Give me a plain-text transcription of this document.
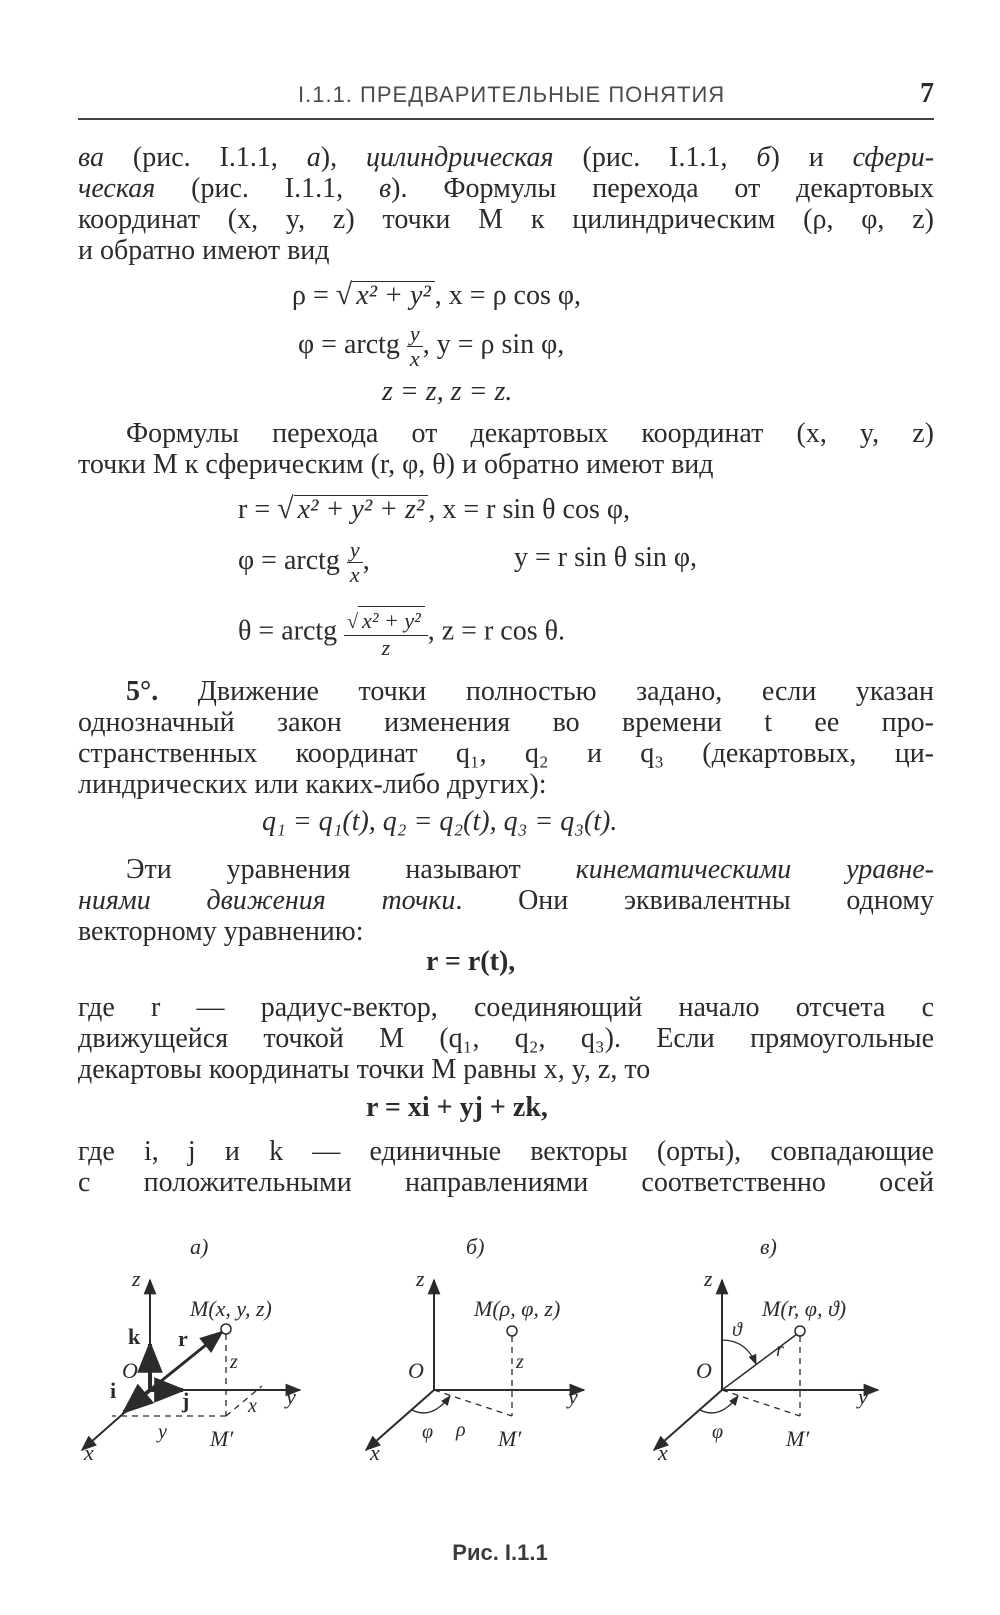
I.1.1. ПРЕДВАРИТЕЛЬНЫЕ ПОНЯТИЯ	7
ва (рис. I.1.1, а), цилиндрическая (рис. I.1.1, б) и сфери-
ческая (рис. I.1.1, в). Формулы перехода от декартовых
координат (x, y, z) точки M к цилиндрическим (ρ, φ, z)
и обратно имеют вид
ρ = √ x² + y² , x = ρ cos φ,
φ = arctg $\frac{y}{x}$ , y = ρ sin φ,
z = z, z = z.
Формулы перехода от декартовых координат (x, y, z)
точки M к сферическим (r, φ, θ) и обратно имеют вид
r = √ x² + y² + z² , x = r sin θ cos φ,
φ = arctg $\frac{y}{x}$ ,	y = r sin θ sin φ,
θ = arctg $\frac{\text{√ x² + y²}}{z}$ , z = r cos θ.
5°. Движение точки полностью задано, если указан
однозначный закон изменения во времени t ее про-
странственных координат q₁, q₂ и q₃ (декартовых, ци-
линдрических или каких-либо других):
q₁ = q₁(t), q₂ = q₂(t), q₃ = q₃(t).
Эти уравнения называют кинематическими уравне-
ниями движения точки. Они эквивалентны одному
векторному уравнению:
r = r(t),
где r — радиус-вектор, соединяющий начало отсчета с
движущейся точкой M (q₁, q₂, q₃). Если прямоугольные
декартовы координаты точки M равны x, y, z, то
r = xi + yj + zk,
где i, j и k — единичные векторы (орты), совпадающие
с положительными направлениями соответственно осей
а)
z
y
x
O
k r
i	j
M(x, y, z)
z
x
y M′
б)
z
y
x
O
M(ρ, φ, z)
z
φ ρ M′
в)
z
y
x
O
ϑ
r
φ
M(r, φ, ϑ)
M′
Рис. I.1.1
